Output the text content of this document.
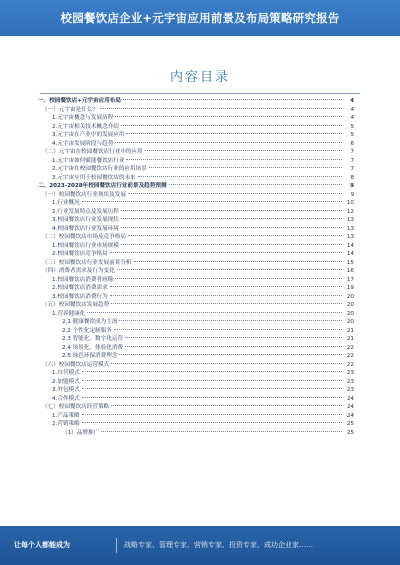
校园餐饮店企业+元宇宙应用前景及布局策略研究报告
内容目录
一、校园餐饮店+元宇宙应用布局	4
（一）元宇宙是什么？	4
1.元宇宙概念与发展历程	4
2.元宇宙相关技术概念介绍	5
3.元宇宙在产业中的发展应用	5
4.元宇宙发展阶段与趋势	6
（二）元宇宙在校园餐饮店行业中的应用	7
1.元宇宙如何赋能餐饮店行业	7
2.元宇宙在校园餐饮店行业的应用场景	7
3.元宇宙应用于校园餐饮店的未来	8
二、2023-2028年校园餐饮店行业前景及趋势预测	9
（一）校园餐饮店行业现状及发展	9
1.行业概况	10
2.行业发展特点及发展历程	12
3.校园餐饮店行业发展现状	13
4.校园餐饮店行业发展环境	13
（二）校园餐饮店市场及竞争格局	13
1.校园餐饮店行业市场规模	14
2.校园餐饮店竞争格局	14
（三）校园餐饮店行业发展前景分析	15
（四）消费者需求及行为变化	16
1.校园餐饮店消费者画像	17
2.校园餐饮店消费需求	19
3.校园餐饮店消费行为	20
（五）校园餐饮店发展趋势	20
1.营养健康化	20
2.1 健康餐饮成为主流	20
2.2 个性化定制服务	21
2.3 智能化、数字化运营	21
2.4 场景化、体验化消费	22
2.5 绿色环保消费理念	22
（六）校园餐饮店运营模式	22
1.自营模式	23
2.加盟模式	23
3.外包模式	23
4.合作模式	24
（七）校园餐饮店经营策略	24
1.产品策略	24
2.营销策略	25
（1）品牌推广	25
让每个人都能成为	战略专家、管理专家、营销专家、投资专家、成功企业家……
